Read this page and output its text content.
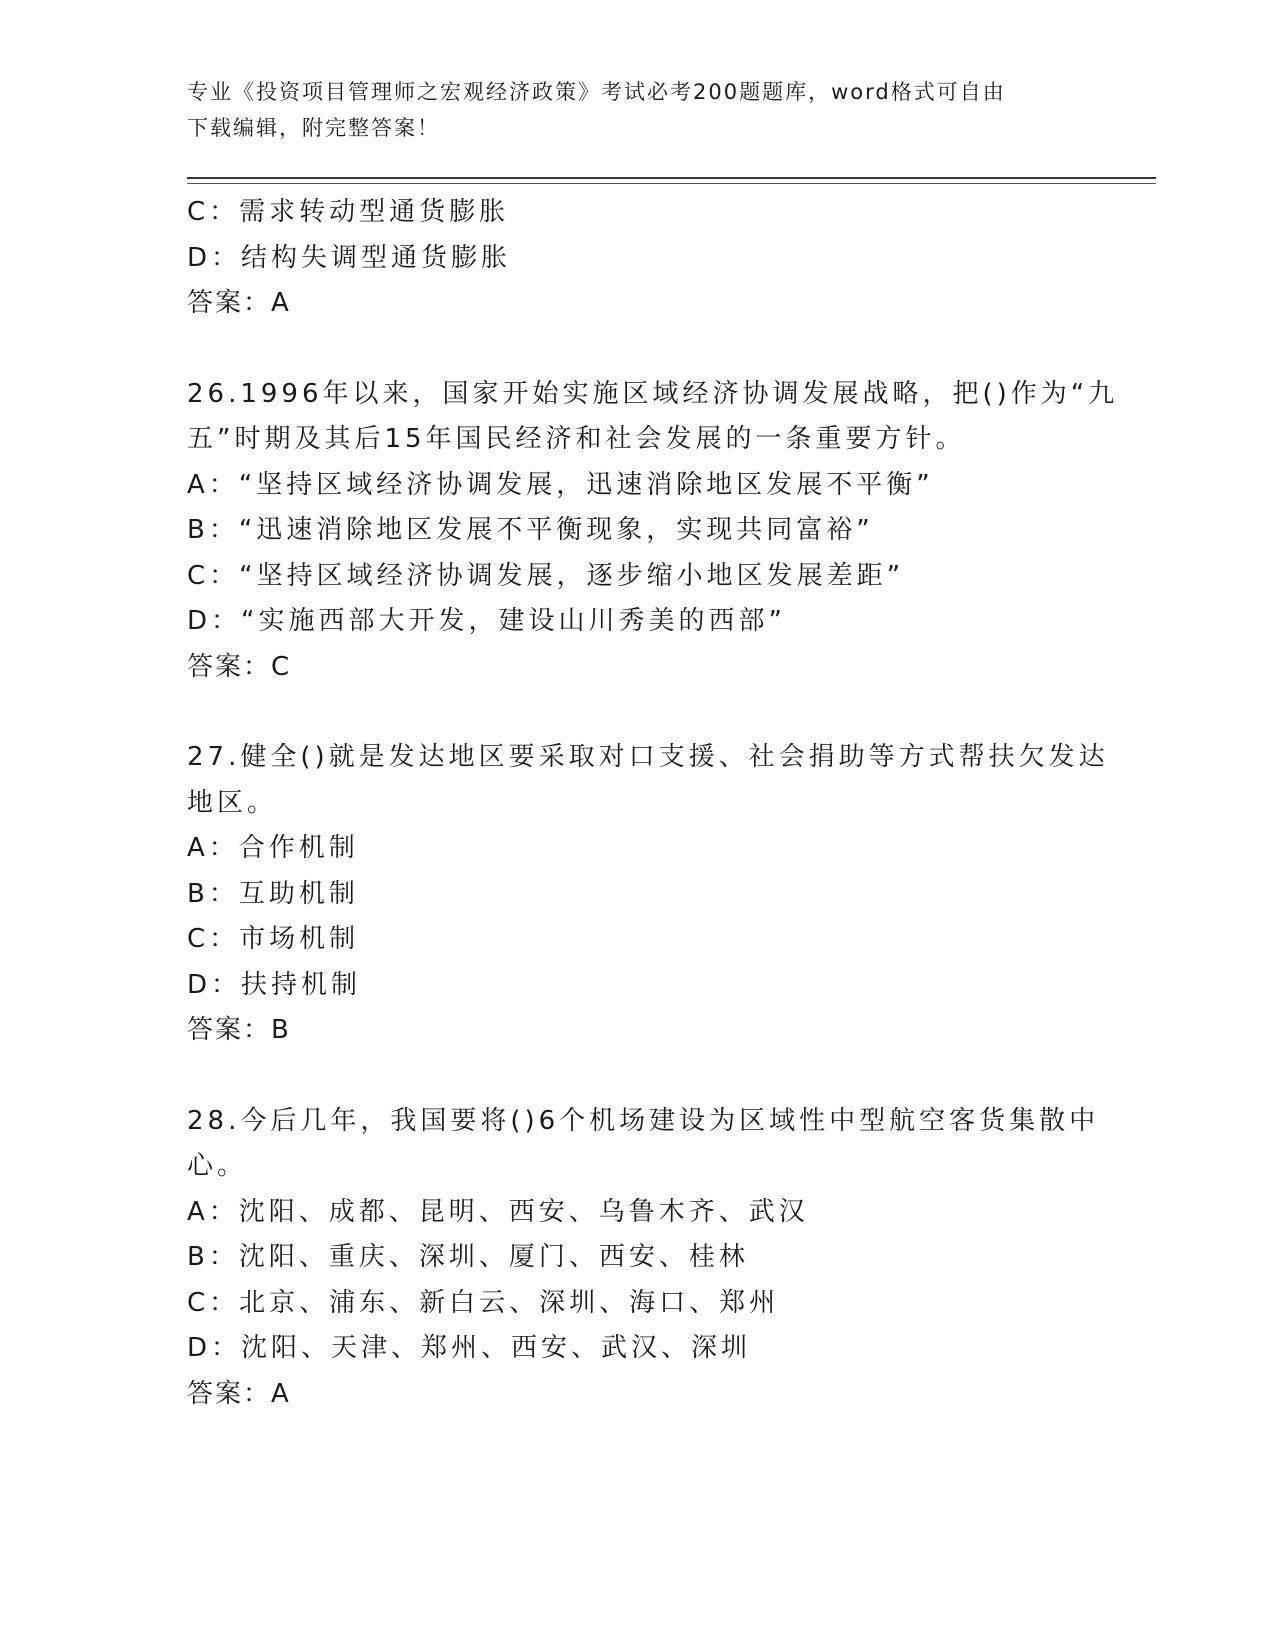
专业《投资项目管理师之宏观经济政策》考试必考200题题库，word格式可自由
下载编辑，附完整答案！
C：需求转动型通货膨胀
D：结构失调型通货膨胀
答案：A
26.1996年以来，国家开始实施区域经济协调发展战略，把()作为“九
五”时期及其后15年国民经济和社会发展的一条重要方针。
A：“坚持区域经济协调发展，迅速消除地区发展不平衡”
B：“迅速消除地区发展不平衡现象，实现共同富裕”
C：“坚持区域经济协调发展，逐步缩小地区发展差距”
D：“实施西部大开发，建设山川秀美的西部”
答案：C
27.健全()就是发达地区要采取对口支援、社会捐助等方式帮扶欠发达
地区。
A：合作机制
B：互助机制
C：市场机制
D：扶持机制
答案：B
28.今后几年，我国要将()6个机场建设为区域性中型航空客货集散中
心。
A：沈阳、成都、昆明、西安、乌鲁木齐、武汉
B：沈阳、重庆、深圳、厦门、西安、桂林
C：北京、浦东、新白云、深圳、海口、郑州
D：沈阳、天津、郑州、西安、武汉、深圳
答案：A
